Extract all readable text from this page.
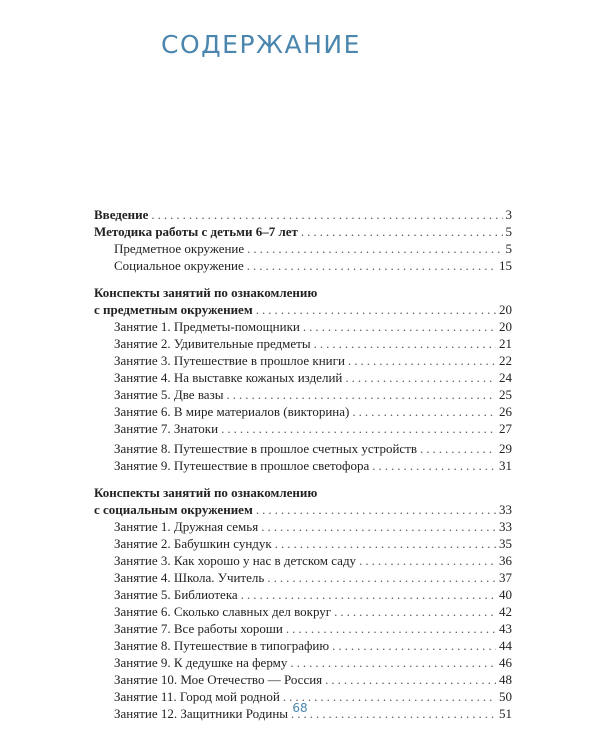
СОДЕРЖАНИЕ
Введение .....	3
Методика работы с детьми 6–7 лет .....	5
Предметное окружение .....	5
Социальное окружение .....	15
Конспекты занятий по ознакомлению
с предметным окружением .....	20
Занятие 1. Предметы-помощники .....	20
Занятие 2. Удивительные предметы .....	21
Занятие 3. Путешествие в прошлое книги .....	22
Занятие 4. На выставке кожаных изделий .....	24
Занятие 5. Две вазы .....	25
Занятие 6. В мире материалов (викторина) .....	26
Занятие 7. Знатоки .....	27
Занятие 8. Путешествие в прошлое счетных устройств .....	29
Занятие 9. Путешествие в прошлое светофора .....	31
Конспекты занятий по ознакомлению
с социальным окружением .....	33
Занятие 1. Дружная семья .....	33
Занятие 2. Бабушкин сундук .....	35
Занятие 3. Как хорошо у нас в детском саду .....	36
Занятие 4. Школа. Учитель .....	37
Занятие 5. Библиотека .....	40
Занятие 6. Сколько славных дел вокруг .....	42
Занятие 7. Все работы хороши .....	43
Занятие 8. Путешествие в типографию .....	44
Занятие 9. К дедушке на ферму .....	46
Занятие 10. Мое Отечество — Россия .....	48
Занятие 11. Город мой родной .....	50
Занятие 12. Защитники Родины .....	51
68
